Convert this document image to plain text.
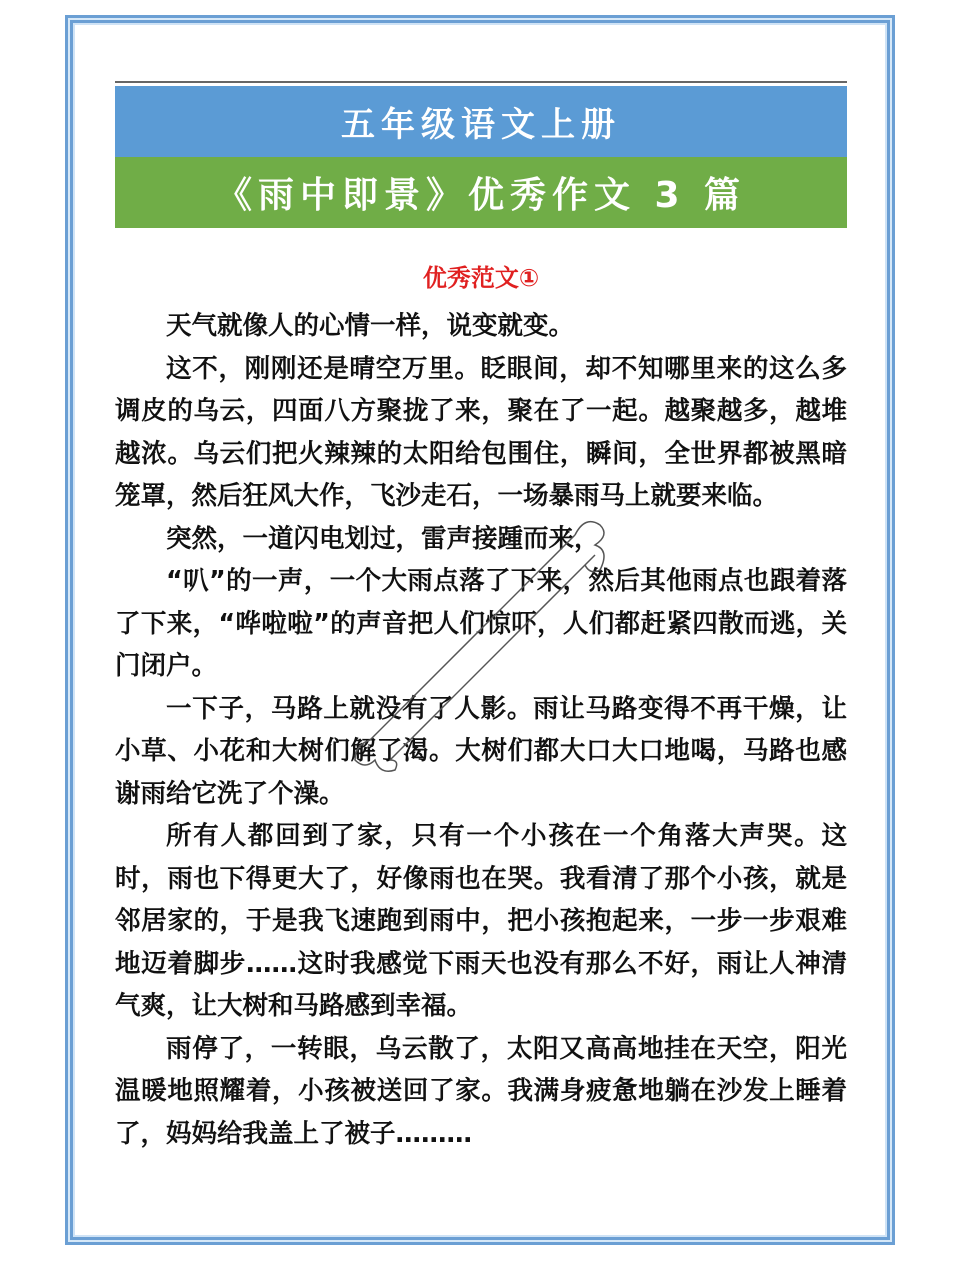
五年级语文上册
《雨中即景》优秀作文 3 篇
优秀范文①

天气就像人的心情一样，说变就变。

这不，刚刚还是晴空万里。眨眼间，却不知哪里来的这么多调皮的乌云，四面八方聚拢了来，聚在了一起。越聚越多，越堆越浓。乌云们把火辣辣的太阳给包围住，瞬间，全世界都被黑暗笼罩，然后狂风大作，飞沙走石，一场暴雨马上就要来临。

突然，一道闪电划过，雷声接踵而来，

“叭”的一声，一个大雨点落了下来，然后其他雨点也跟着落了下来，“哗啦啦”的声音把人们惊吓，人们都赶紧四散而逃，关门闭户。

一下子，马路上就没有了人影。雨让马路变得不再干燥，让小草、小花和大树们解了渴。大树们都大口大口地喝，马路也感谢雨给它洗了个澡。

所有人都回到了家，只有一个小孩在一个角落大声哭。这时，雨也下得更大了，好像雨也在哭。我看清了那个小孩，就是邻居家的，于是我飞速跑到雨中，把小孩抱起来，一步一步艰难地迈着脚步……这时我感觉下雨天也没有那么不好，雨让人神清气爽，让大树和马路感到幸福。

雨停了，一转眼，乌云散了，太阳又高高地挂在天空，阳光温暖地照耀着，小孩被送回了家。我满身疲惫地躺在沙发上睡着了，妈妈给我盖上了被子………
